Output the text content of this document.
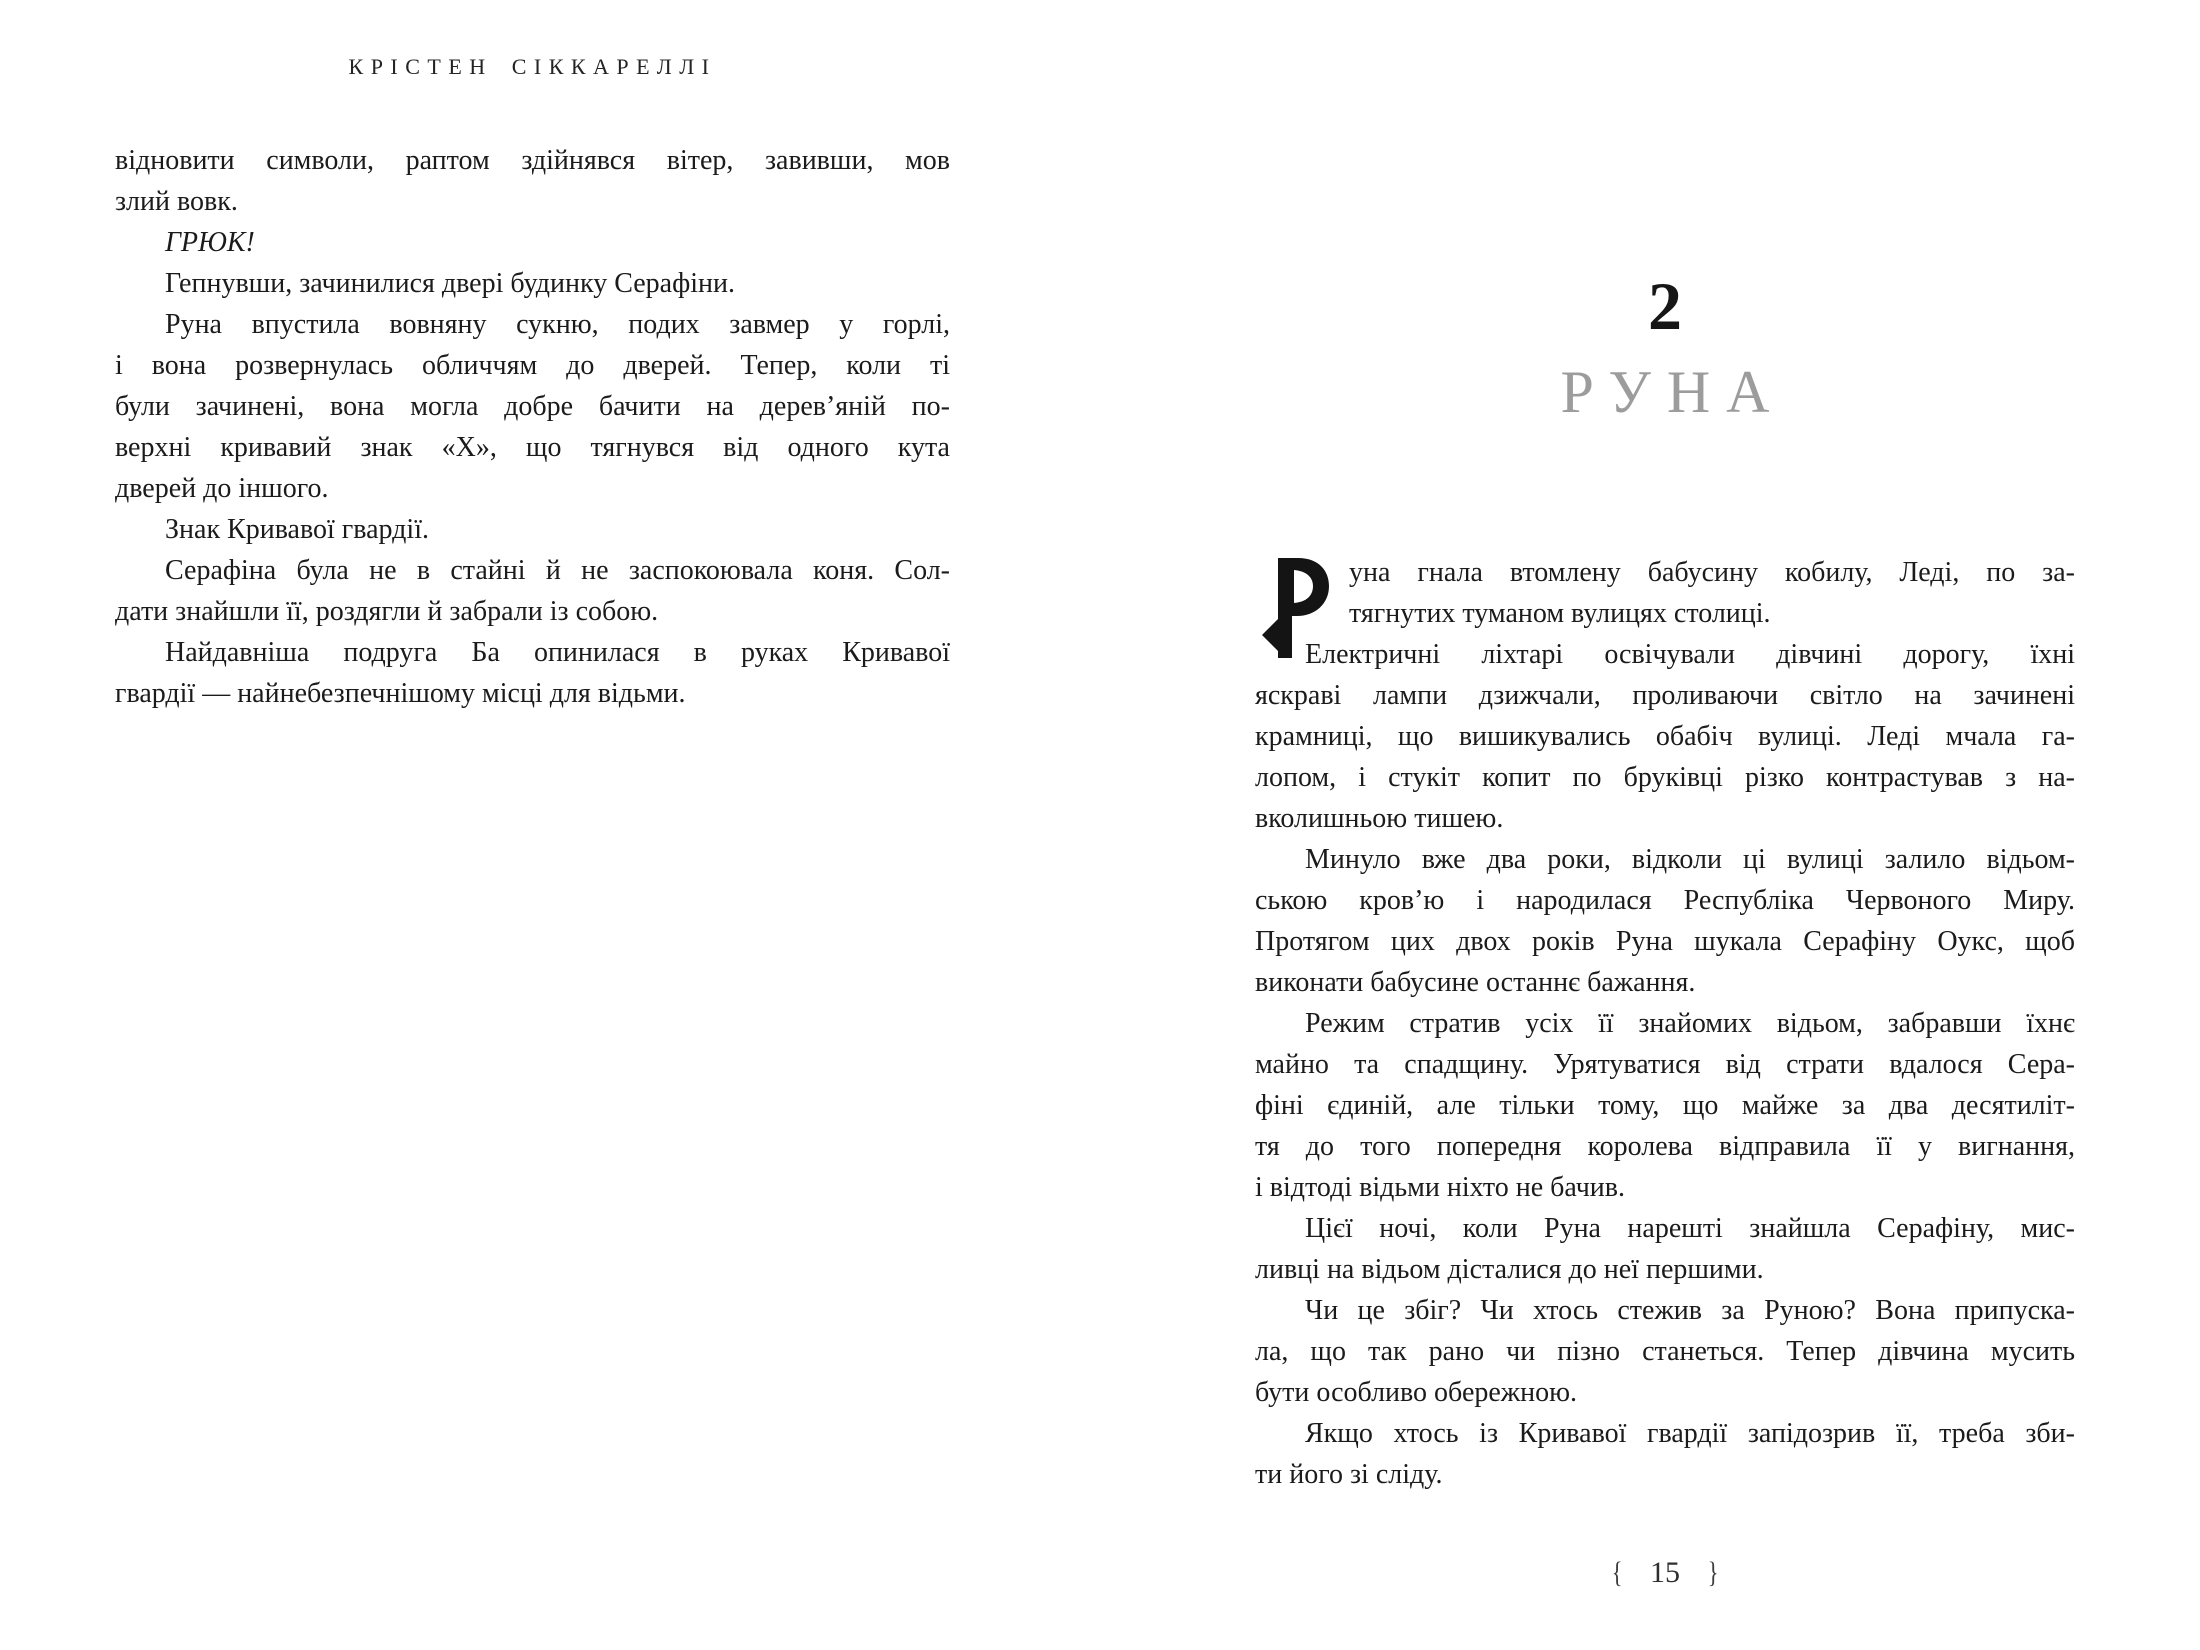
КРІСТЕН СІККАРЕЛЛІ
відновити символи, раптом здійнявся вітер, завивши, мов
злий вовк.
ГРЮК!
Гепнувши, зачинилися двері будинку Серафіни.
Руна впустила вовняну сукню, подих завмер у горлі,
і вона розвернулась обличчям до дверей. Тепер, коли ті
були зачинені, вона могла добре бачити на дерев’яній по-
верхні кривавий знак «Х», що тягнувся від одного кута
дверей до іншого.
Знак Кривавої гвардії.
Серафіна була не в стайні й не заспокоювала коня. Сол-
дати знайшли її, роздягли й забрали із собою.
Найдавніша подруга Ба опинилася в руках Кривавої
гвардії — найнебезпечнішому місці для відьми.
2
РУНА
уна гнала втомлену бабусину кобилу, Леді, по за-
тягнутих туманом вулицях столиці.
Електричні ліхтарі освічували дівчині дорогу, їхні
яскраві лампи дзижчали, проливаючи світло на зачинені
крамниці, що вишикувались обабіч вулиці. Леді мчала га-
лопом, і стукіт копит по бруківці різко контрастував з на-
вколишньою тишею.
Минуло вже два роки, відколи ці вулиці залило відьом-
ською кров’ю і народилася Республіка Червоного Миру.
Протягом цих двох років Руна шукала Серафіну Оукс, щоб
виконати бабусине останнє бажання.
Режим стратив усіх її знайомих відьом, забравши їхнє
майно та спадщину. Урятуватися від страти вдалося Сера-
фіні єдиній, але тільки тому, що майже за два десятиліт-
тя до того попередня королева відправила її у вигнання,
і відтоді відьми ніхто не бачив.
Цієї ночі, коли Руна нарешті знайшла Серафіну, мис-
ливці на відьом дісталися до неї першими.
Чи це збіг? Чи хтось стежив за Руною? Вона припуска-
ла, що так рано чи пізно станеться. Тепер дівчина мусить
бути особливо обережною.
Якщо хтось із Кривавої гвардії запідозрив її, треба зби-
ти його зі сліду.
{ 15 }
